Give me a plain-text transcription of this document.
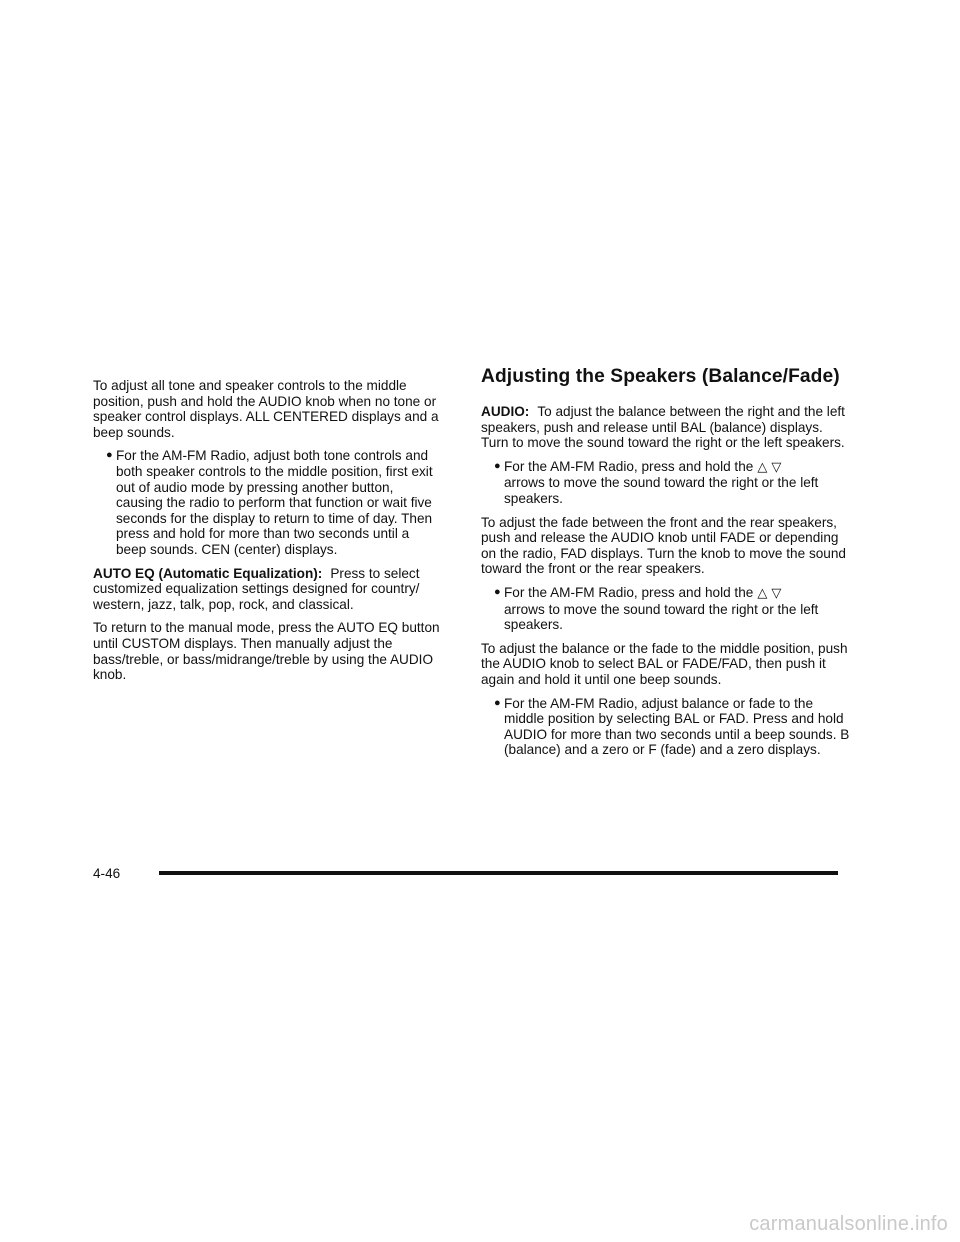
To adjust all tone and speaker controls to the middle position, push and hold the AUDIO knob when no tone or speaker control displays. ALL CENTERED displays and a beep sounds.

● For the AM-FM Radio, adjust both tone controls and both speaker controls to the middle position, first exit out of audio mode by pressing another button, causing the radio to perform that function or wait five seconds for the display to return to time of day. Then press and hold for more than two seconds until a beep sounds. CEN (center) displays.

AUTO EQ (Automatic Equalization): Press to select customized equalization settings designed for country/ western, jazz, talk, pop, rock, and classical.

To return to the manual mode, press the AUTO EQ button until CUSTOM displays. Then manually adjust the bass/treble, or bass/midrange/treble by using the AUDIO knob.

Adjusting the Speakers (Balance/Fade)

AUDIO: To adjust the balance between the right and the left speakers, push and release until BAL (balance) displays. Turn to move the sound toward the right or the left speakers.

● For the AM-FM Radio, press and hold the △▽
arrows to move the sound toward the right or the left speakers.

To adjust the fade between the front and the rear speakers, push and release the AUDIO knob until FADE or depending on the radio, FAD displays. Turn the knob to move the sound toward the front or the rear speakers.

● For the AM-FM Radio, press and hold the △▽
arrows to move the sound toward the right or the left speakers.

To adjust the balance or the fade to the middle position, push the AUDIO knob to select BAL or FADE/FAD, then push it again and hold it until one beep sounds.

● For the AM-FM Radio, adjust balance or fade to the middle position by selecting BAL or FAD. Press and hold AUDIO for more than two seconds until a beep sounds. B (balance) and a zero or F (fade) and a zero displays.
4-46
carmanualsonline.info
